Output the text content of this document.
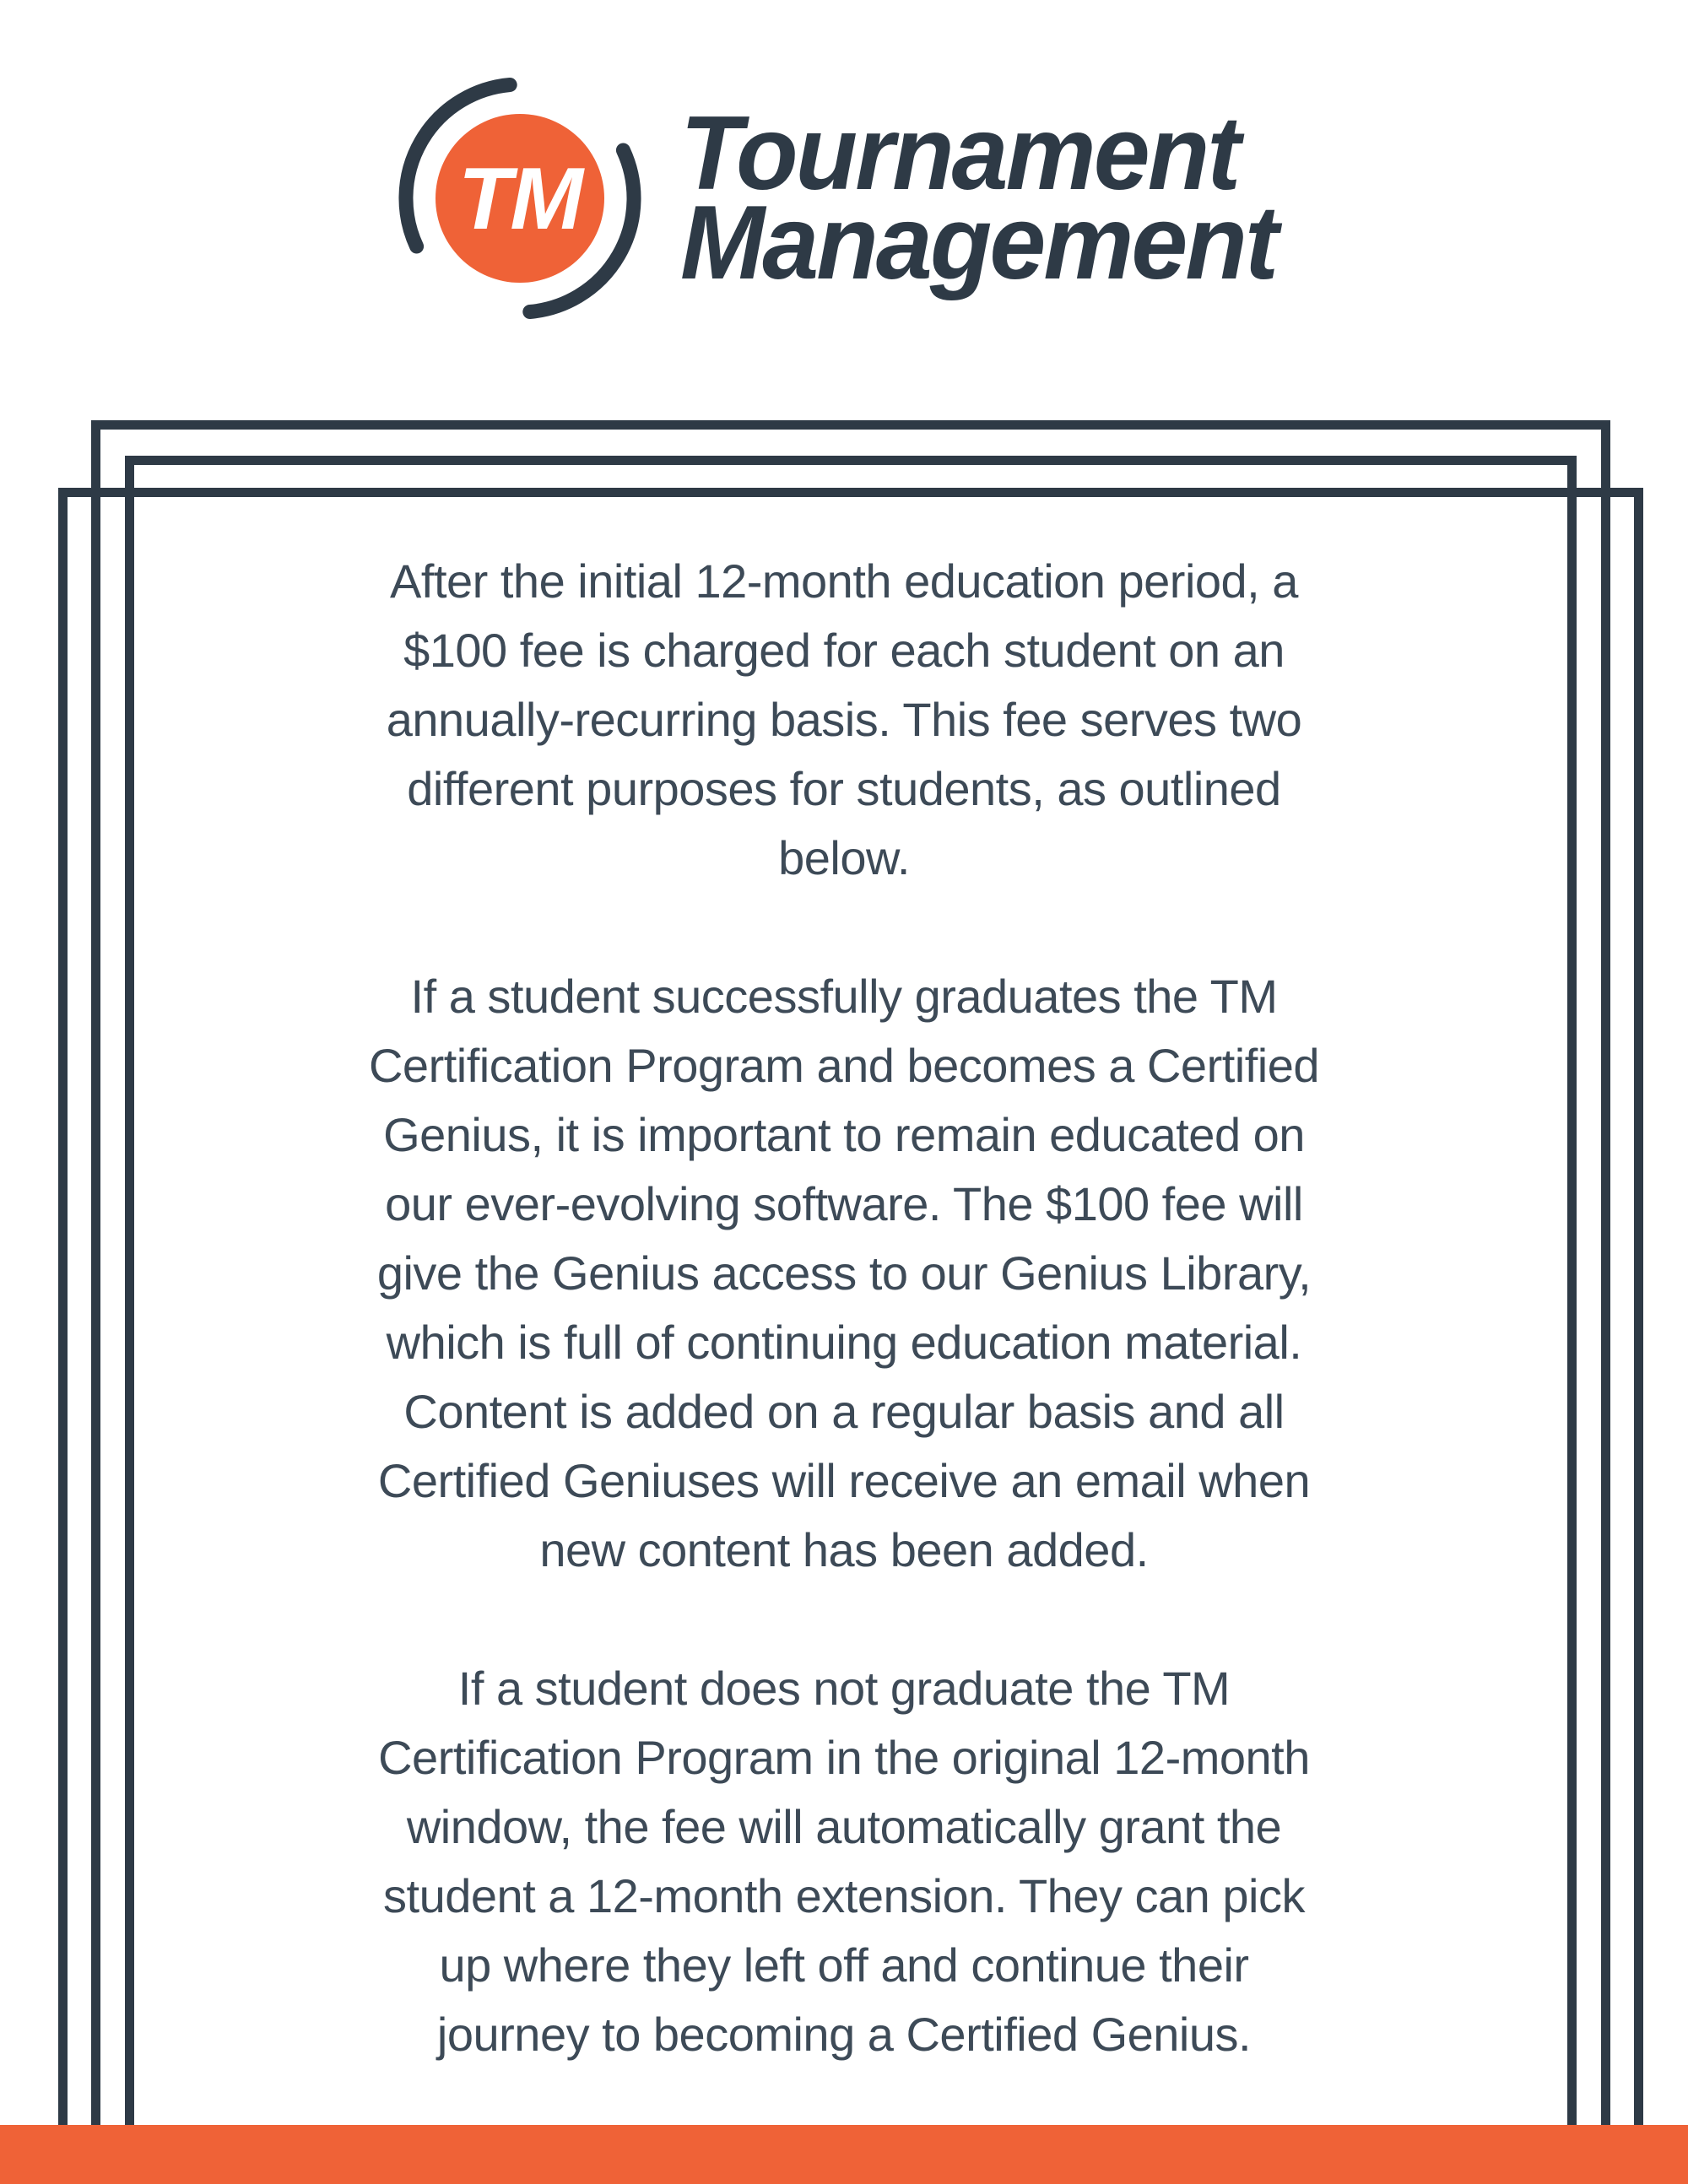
TM Tournament
Management

After the initial 12-month education period, a
$100 fee is charged for each student on an
annually-recurring basis. This fee serves two
different purposes for students, as outlined
below.

If a student successfully graduates the TM
Certification Program and becomes a Certified
Genius, it is important to remain educated on
our ever-evolving software. The $100 fee will
give the Genius access to our Genius Library,
which is full of continuing education material.
Content is added on a regular basis and all
Certified Geniuses will receive an email when
new content has been added.

If a student does not graduate the TM
Certification Program in the original 12-month
window, the fee will automatically grant the
student a 12-month extension. They can pick
up where they left off and continue their
journey to becoming a Certified Genius.
